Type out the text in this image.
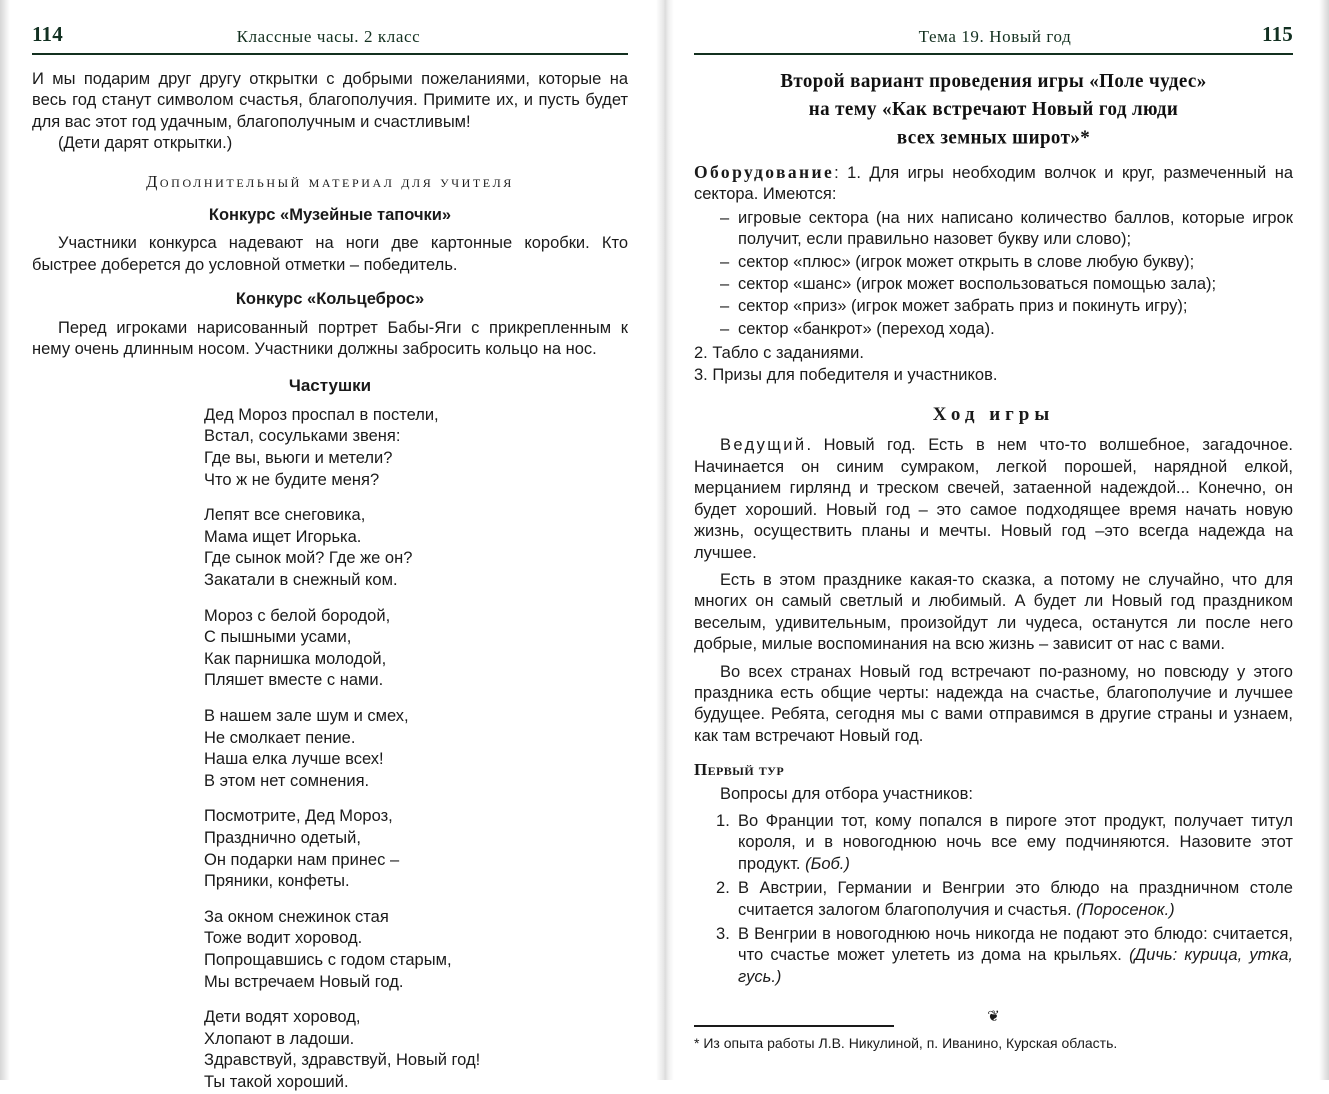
114	Классные часы. 2 класс

И мы подарим друг другу открытки с добрыми пожеланиями, которые на весь год станут символом счастья, благополучия. Примите их, и пусть будет для вас этот год удачным, благополучным и счастливым!

(Дети дарят открытки.)

Дополнительный материал для учителя

Конкурс «Музейные тапочки»

Участники конкурса надевают на ноги две картонные коробки. Кто быстрее доберется до условной отметки – победитель.

Конкурс «Кольцеброс»

Перед игроками нарисованный портрет Бабы-Яги с прикрепленным к нему очень длинным носом. Участники должны забросить кольцо на нос.

Частушки

Дед Мороз проспал в постели,
Встал, сосульками звеня:
Где вы, вьюги и метели?
Что ж не будите меня?
Лепят все снеговика,
Мама ищет Игорька.
Где сынок мой? Где же он?
Закатали в снежный ком.
Мороз с белой бородой,
С пышными усами,
Как парнишка молодой,
Пляшет вместе с нами.
В нашем зале шум и смех,
Не смолкает пение.
Наша елка лучше всех!
В этом нет сомнения.
Посмотрите, Дед Мороз,
Празднично одетый,
Он подарки нам принес –
Пряники, конфеты.
За окном снежинок стая
Тоже водит хоровод.
Попрощавшись с годом старым,
Мы встречаем Новый год.
Дети водят хоровод,
Хлопают в ладоши.
Здравствуй, здравствуй, Новый год!
Ты такой хороший.
Тема 19. Новый год	115
Второй вариант проведения игры «Поле чудес»
на тему «Как встречают Новый год люди
всех земных широт»*

Оборудование: 1. Для игры необходим волчок и круг, размеченный на сектора. Имеются:

– игровые сектора (на них написано количество баллов, которые игрок получит, если правильно назовет букву или слово);
– сектор «плюс» (игрок может открыть в слове любую букву);
– сектор «шанс» (игрок может воспользоваться помощью зала);
– сектор «приз» (игрок может забрать приз и покинуть игру);
– сектор «банкрот» (переход хода).
2. Табло с заданиями.
3. Призы для победителя и участников.

Ход игры

Ведущий. Новый год. Есть в нем что-то волшебное, загадочное. Начинается он синим сумраком, легкой порошей, нарядной елкой, мерцанием гирлянд и треском свечей, затаенной надеждой... Конечно, он будет хороший. Новый год – это самое подходящее время начать новую жизнь, осуществить планы и мечты. Новый год –это всегда надежда на лучшее.

Есть в этом празднике какая-то сказка, а потому не случайно, что для многих он самый светлый и любимый. А будет ли Новый год праздником веселым, удивительным, произойдут ли чудеса, останутся ли после него добрые, милые воспоминания на всю жизнь – зависит от нас с вами.

Во всех странах Новый год встречают по-разному, но повсюду у этого праздника есть общие черты: надежда на счастье, благополучие и лучшее будущее. Ребята, сегодня мы с вами отправимся в другие страны и узнаем, как там встречают Новый год.

Первый тур

Вопросы для отбора участников:

Во Франции тот, кому попался в пироге этот продукт, получает титул короля, и в новогоднюю ночь все ему подчиняются. Назовите этот продукт. (Боб.)
В Австрии, Германии и Венгрии это блюдо на праздничном столе считается залогом благополучия и счастья. (Поросенок.)
В Венгрии в новогоднюю ночь никогда не подают это блюдо: считается, что счастье может улететь из дома на крыльях. (Дичь: курица, утка, гусь.)
❦
* Из опыта работы Л.В. Никулиной, п. Иванино, Курская область.
